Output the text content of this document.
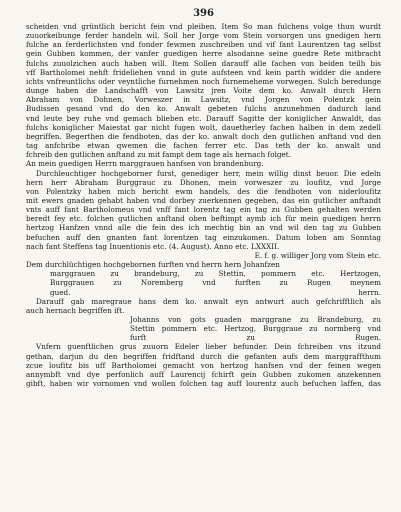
396
scheiden vnd grüntlich bericht fein vnd pleiben. Item So man fulchens volge thun wurdt
zuuorkeibunge ferder handeln wil, Soll her Jorge vom Stein vorsorgen uns gnedigen hern
fulche an ferderlichsten vnd fonder fewmen zuschreiben und vif fant Laurentzen tag selbst
gein Gubben kommen, der vanfer guedigen herre alsodanne seine guedre Rete mitbracht
fulchs zuuolzichen auch haben will. Item Sollen darauff alle fachen von beiden teilh bis
vff Bartholomei nehft frideliehen vnnd in gute aufsteen vnd kein parth widder die andere
ichts vnfreuntlichs oder veyntliche furnehmen noch furnemeheme vorwegen. Sulch beredunge
dunge haben die Landschafft von Lawsitz jren Voite dem ko. Anwalt durch Hern
Abraham von Dohnen, Vorweszer in Lawsitz, vnd Jorgen von Polentzk gein
Budissen gesand vnd do den ko. Anwalt gebeten fulchs anzunehmen dadurch land
vnd leute bey ruhe vnd gemach blieben etc. Darauff Sagitte der koniglicher Anwaldt, das
fulchs koniglicher Maiestat gar nicht fugen wolt, dauetherley fachen halben in dem zedell
begriffen. Begerthen die fendboten, das der ko. anwalt doch den gutlichen anftand vnd den
tag anfchribe etwan qwemen die fachen ferrer etc. Das teth der ko. anwalt und
fchreib den gutlichen anftand zu mit fampt dem tage als hernach folget.
An mein guedigen Herrn marggrauen hanfsen von brandenburg.
Durchleuchtiger hochgeborner furst, genediger herr, mein willig dinst beuor. Die edeln
hern herr Abraham Burggrauc zu Dhonen, mein vorweszer zu loufitz, vnd Jorge
von Polentzky haben mich bericht ewm handels, des die fendboten von niderloufitz
mit ewers gnaden gehabt haben vnd dorbey zuerkennen gegeben, das ein gutlicher anftandt
vnts auff fant Bartholomeus vnd vnff fant lorentz tag ein tag zu Gubben gehalten werden
beredt fey etc. folchen gutlichen anftand oben beftimpt aymb ich für mein guedigen herrn
hertzog Hanfzen vnnd alle die fein des ich mechtig bin an vnd wil den tag zu Gubben
befuchen auff den gnanten fant lorentzen tag einzukomen. Datum loben am Sonntag
nach fant Steffens tag Inuentionis etc. (4. August). Anno etc. LXXXII.
E. f. g. williger Jorg vom Stein etc.
Dem durchlüchtigen hochgebornen furften vnd herrn hern Johanfzen
marggrauen zu brandeburg, zu Stettin, pommern etc. Hertzogen,
Burggrauen zu Noremberg vnd furften zu Rugen meynem
gued. herrn.
Darauff gab maregraue hans dem ko. anwalt eyn antwurt auch gefchrifftlich als
auch hernach begriffen ift.
Johanns von gots guaden marggrane zu Brandeburg, zu
Stettin pommern etc. Hertzog, Burggraue zu normberg vnd
furft zu Rugen.
Vnfern guenftlichen grus zuuorn Edeler lieber befunder. Dein fchreiben vns itzund
gethan, darjun du den begriffen fridftand durch die gefanten aufs dem marggraffthum
zcue loufitz bis uff Bartholomei gemacht von hertzog hanfsen vnd der feinen wegen
annymbft vnd dye perfonlich auff Laurencij fchirft gein Gubben zukomen anzekennen
gibft, haben wir vornomen vnd wollen folchen tag auff lourentz auch befuchen laffen, das
